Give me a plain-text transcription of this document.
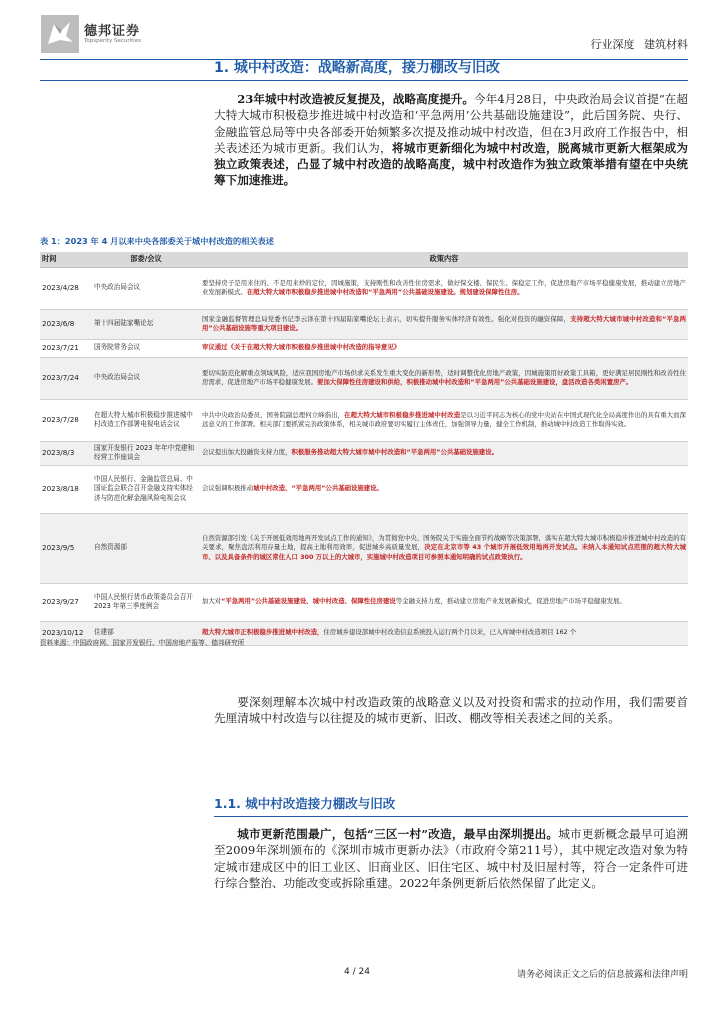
德邦证券
Topsperity Securities	行业深度 建筑材料
1. 城中村改造：战略新高度，接力棚改与旧改
23年城中村改造被反复提及，战略高度提升。今年4月28日，中央政治局会议首提“在超大特大城市积极稳步推进城中村改造和‘平急两用’公共基础设施建设”，此后国务院、央行、金融监管总局等中央各部委开始频繁多次提及推动城中村改造，但在3月政府工作报告中，相关表述还为城市更新。我们认为，将城市更新细化为城中村改造，脱离城市更新大框架成为独立政策表述，凸显了城中村改造的战略高度，城中村改造作为独立政策举措有望在中央统筹下加速推进。
表 1：2023 年 4 月以来中央各部委关于城中村改造的相关表述
时间	部委/会议	政策内容
2023/4/28	中央政治局会议	要坚持房子是用来住的、不是用来炒的定位，因城施策，支持刚性和改善性住房需求，做好保交楼、保民生、保稳定工作，促进房地产市场平稳健康发展，推动建立房地产业发展新模式。在超大特大城市积极稳步推进城中村改造和“平急两用”公共基础设施建设。规划建设保障性住房。
2023/6/8	第十四届陆家嘴论坛	国家金融监督管理总局党委书记李云泽在第十四届陆家嘴论坛上表示，切实提升服务实体经济有效性。强化对投资的融资保障，支持超大特大城市城中村改造和“平急两用”公共基础设施等重大项目建设。
2023/7/21	国务院常务会议	审议通过《关于在超大特大城市积极稳步推进城中村改造的指导意见》
2023/7/24	中央政治局会议	要切实防范化解重点领域风险，适应我国房地产市场供求关系发生重大变化的新形势，适时调整优化房地产政策，因城施策用好政策工具箱，更好满足居民刚性和改善性住房需求，促进房地产市场平稳健康发展。要加大保障性住房建设和供给，积极推动城中村改造和“平急两用”公共基础设施建设，盘活改造各类闲置房产。
2023/7/28	在超大特大城市积极稳步推进城中村改造工作部署电视电话会议	中共中央政治局委员、国务院副总理何立峰指出，在超大特大城市积极稳步推进城中村改造是以习近平同志为核心的党中央站在中国式现代化全局高度作出的具有重大而深远意义的工作部署。相关部门要抓紧完善政策体系，相关城市政府要切实履行主体责任，加强领导力量，健全工作机制，推动城中村改造工作取得实效。
2023/8/3	国家开发银行 2023 年年中党建和经营工作座谈会	会议提出加大投融资支持力度，积极服务推动超大特大城市城中村改造和“平急两用”公共基础设施建设。
2023/8/18	中国人民银行、金融监管总局、中国证监会联合召开金融支持实体经济与防范化解金融风险电视会议	会议强调积极推动城中村改造、“平急两用”公共基础设施建设。
2023/9/5	自然资源部	自然资源部引发《关于开展低效用地再开发试点工作的通知》，为贯彻党中央、国务院关于实施全面节约战略等决策部署，落实在超大特大城市积极稳步推进城中村改造的有关要求，聚焦盘活利用存量土地，提高土地利用效率，促进城乡高质量发展，决定在北京市等 43 个城市开展低效用地再开发试点。未纳入本通知试点范围的超大特大城市、以及具备条件的城区常住人口 300 万以上的大城市，实施城中村改造项目可参照本通知明确的试点政策执行。
2023/9/27	中国人民银行货币政策委员会召开 2023 年第三季度例会	加大对“平急两用”公共基础设施建设、城中村改造、保障性住房建设等金融支持力度，推动建立房地产业发展新模式，促进房地产市场平稳健康发展。
2023/10/12	住建部	超大特大城市正积极稳步推进城中村改造，住房城乡建设部城中村改造信息系统投入运行两个月以来，已入库城中村改造项目 162 个
资料来源：中国政府网、国家开发银行、中国房地产报等、德邦研究所
要深刻理解本次城中村改造政策的战略意义以及对投资和需求的拉动作用，我们需要首先厘清城中村改造与以往提及的城市更新、旧改、棚改等相关表述之间的关系。
1.1. 城中村改造接力棚改与旧改
城市更新范围最广，包括“三区一村”改造，最早由深圳提出。城市更新概念最早可追溯至2009年深圳颁布的《深圳市城市更新办法》（市政府令第211号），其中规定改造对象为特定城市建成区中的旧工业区、旧商业区、旧住宅区、城中村及旧屋村等，符合一定条件可进行综合整治、功能改变或拆除重建。2022年条例更新后依然保留了此定义。
4 / 24	请务必阅读正文之后的信息披露和法律声明
